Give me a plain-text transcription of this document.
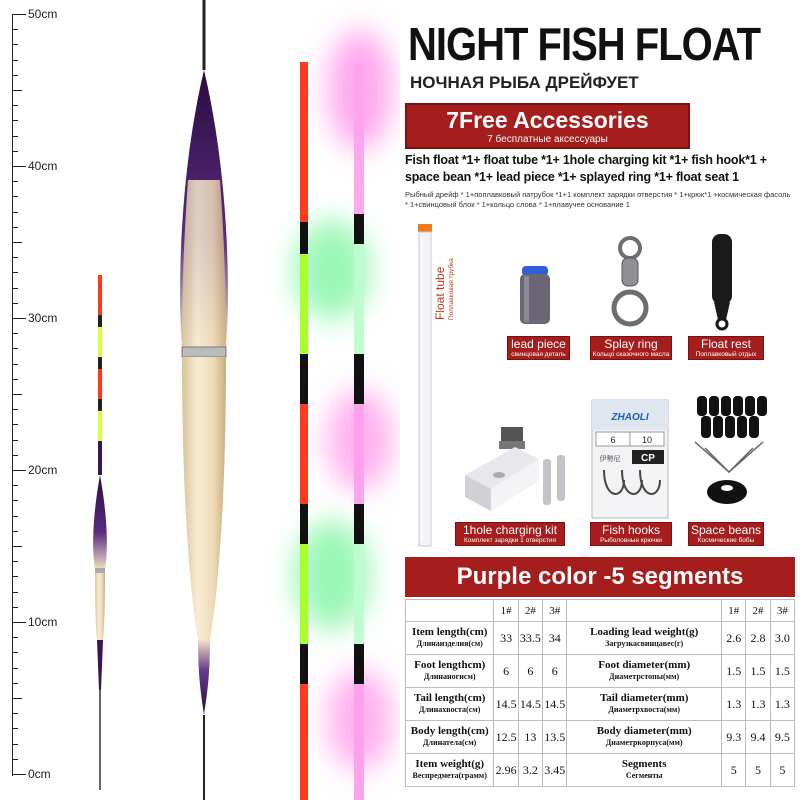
50cm
40cm
30cm
20cm
10cm
0cm
NIGHT FISH FLOAT
НОЧНАЯ РЫБА ДРЕЙФУЕТ
7Free Accessories
7 бесплатные аксессуары
Fish float *1+ float tube *1+ 1hole charging kit *1+ fish hook*1 + space bean *1+ lead piece *1+ splayed ring *1+ float seat 1
Рыбный дрейф * 1+поплавковый патрубок *1+1 комплект зарядки отверстия * 1+крюк*1 +космическая фасоль * 1+свинцовый блок * 1+кольцо слова * 1+плавучее основание 1
Float tube Поплавковая трубка
lead piece
свинцовая деталь
Splay ring
Кольцо сказочного масла
Float rest
Поплавковый отдых
1hole charging kit
Комплект зарядки 1 отверстия
ZHAOLI
6	10
伊勢尼 CP
Fish hooks
Рыболовные крючки
Space beans
Космические бобы
Purple color -5 segments
	1#	2#	3#		1#	2#	3#

Item length(cm)
Длинаизделия(см)	33	33.5	34	Loading lead weight(g)
Загрузкасвинцавес(г)	2.6	2.8	3.0

Foot lengthcm)
Длинаногисм)	6	6	6	Foot diameter(mm)
Диаметрстопы(мм)	1.5	1.5	1.5

Tail length(cm)
Длинахвоста(см)	14.5	14.5	14.5	Tail diameter(mm)
Диаметрхвоста(мм)	1.3	1.3	1.3

Body length(cm)
Длинатела(см)	12.5	13	13.5	Body diameter(mm)
Диаметркорпуса(мм)	9.3	9.4	9.5

Item weight(g)
Веспредмета(грамм)	2.96	3.2	3.45	Segments
Сегменты	5	5	5
